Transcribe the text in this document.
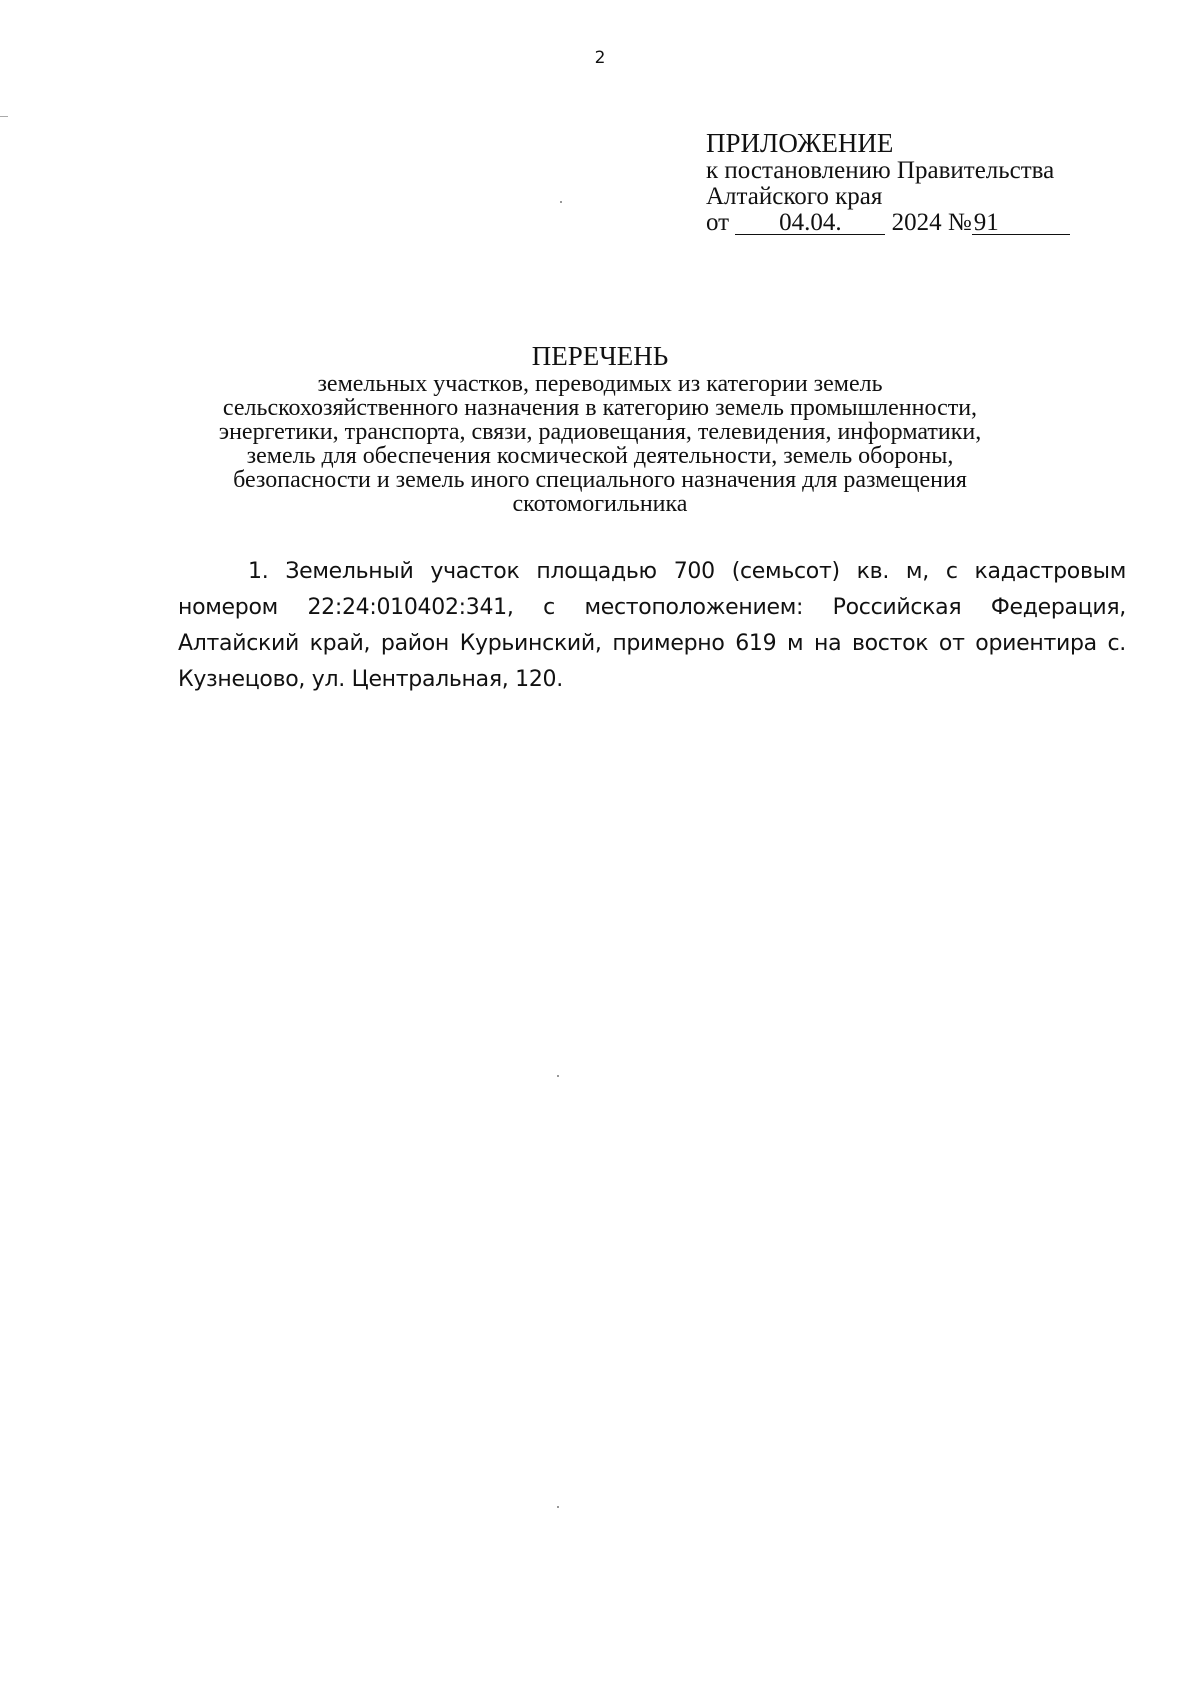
2
ПРИЛОЖЕНИЕ
к постановлению Правительства
Алтайского края
от 04.04. 2024 №91
ПЕРЕЧЕНЬ
земельных участков, переводимых из категории земель
сельскохозяйственного назначения в категорию земель промышленности,
энергетики, транспорта, связи, радиовещания, телевидения, информатики,
земель для обеспечения космической деятельности, земель обороны,
безопасности и земель иного специального назначения для размещения
скотомогильника
1. Земельный участок площадью 700 (семьсот) кв. м, с кадастровым номером 22:24:010402:341, с местоположением: Российская Федерация, Алтайский край, район Курьинский, примерно 619 м на восток от ориентира с. Кузнецово, ул. Центральная, 120.
